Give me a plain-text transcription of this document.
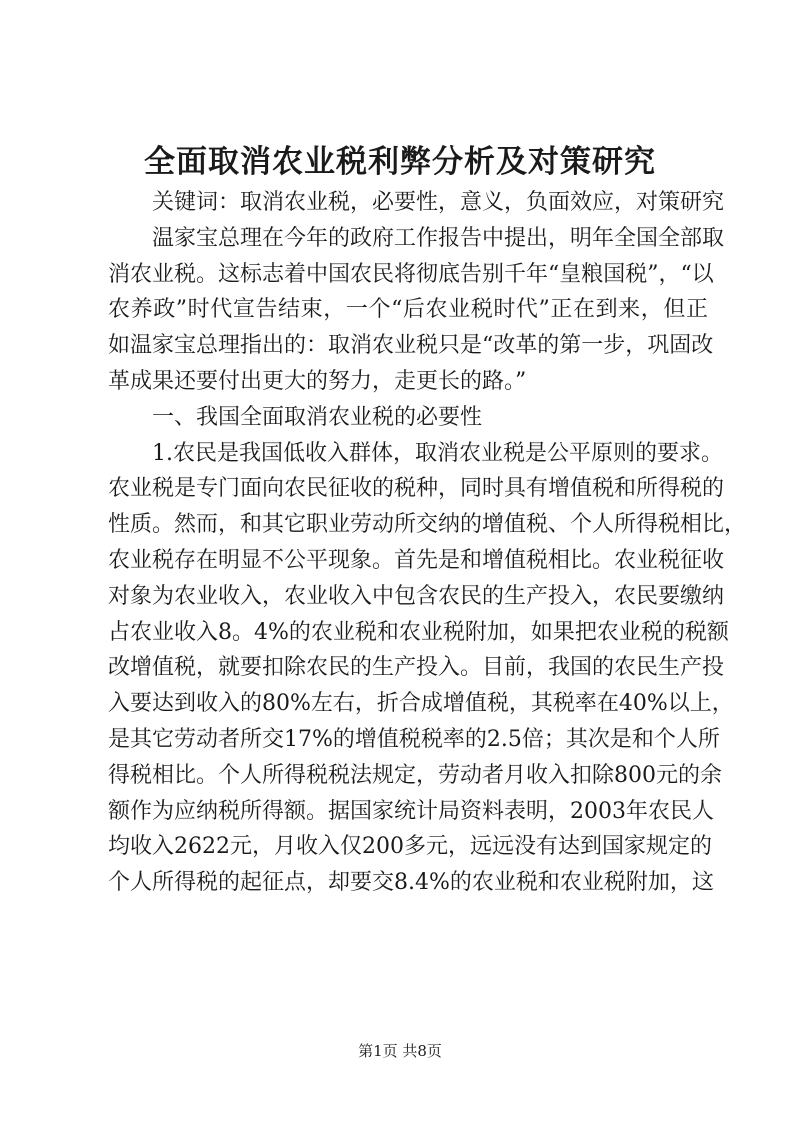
全面取消农业税利弊分析及对策研究
关键词：取消农业税，必要性，意义，负面效应，对策研究
温家宝总理在今年的政府工作报告中提出，明年全国全部取
消农业税。这标志着中国农民将彻底告别千年“皇粮国税”，“以
农养政”时代宣告结束，一个“后农业税时代”正在到来，但正
如温家宝总理指出的：取消农业税只是“改革的第一步，巩固改
革成果还要付出更大的努力，走更长的路。”
一、我国全面取消农业税的必要性
1.农民是我国低收入群体，取消农业税是公平原则的要求。
农业税是专门面向农民征收的税种，同时具有增值税和所得税的
性质。然而，和其它职业劳动所交纳的增值税、个人所得税相比，
农业税存在明显不公平现象。首先是和增值税相比。农业税征收
对象为农业收入，农业收入中包含农民的生产投入，农民要缴纳
占农业收入8。4%的农业税和农业税附加，如果把农业税的税额
改增值税，就要扣除农民的生产投入。目前，我国的农民生产投
入要达到收入的80%左右，折合成增值税，其税率在40%以上，
是其它劳动者所交17%的增值税税率的2.5倍；其次是和个人所
得税相比。个人所得税税法规定，劳动者月收入扣除800元的余
额作为应纳税所得额。据国家统计局资料表明，2003年农民人
均收入2622元，月收入仅200多元，远远没有达到国家规定的
个人所得税的起征点，却要交8.4%的农业税和农业税附加，这
第1页 共8页
